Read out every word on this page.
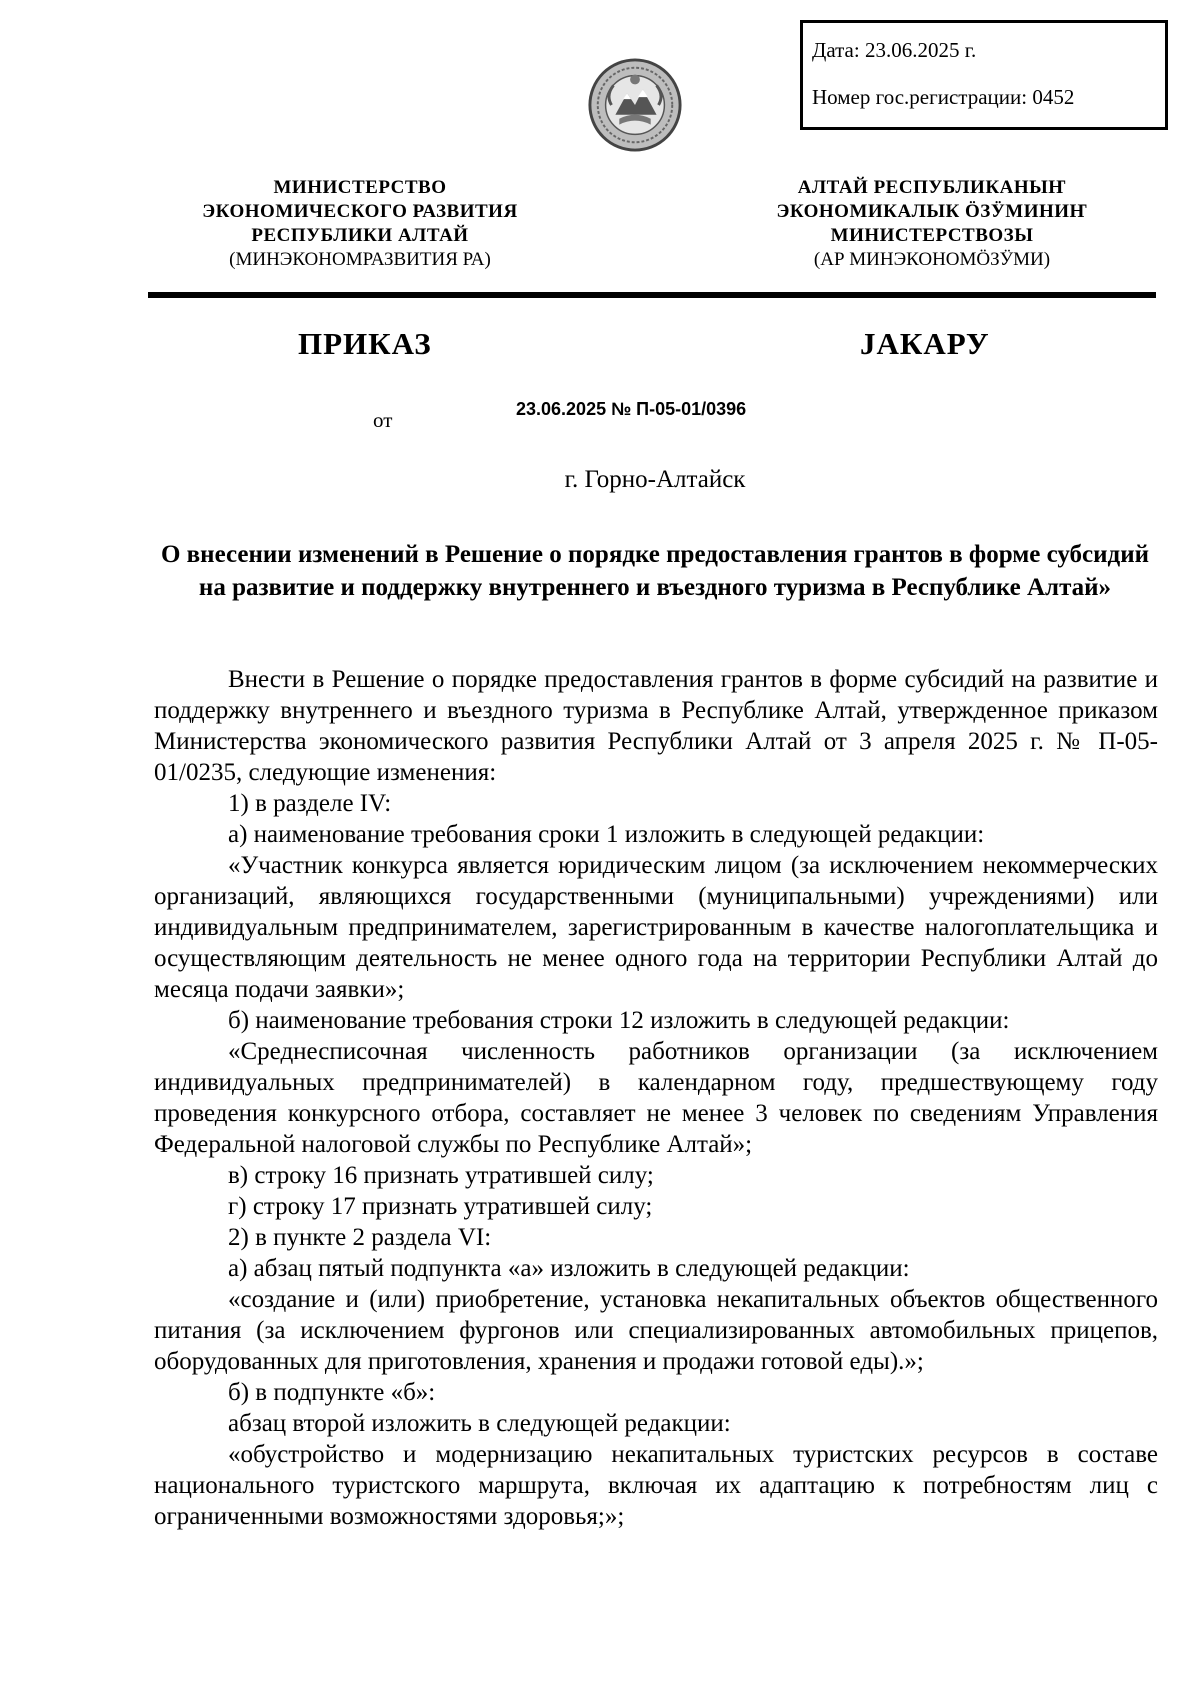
Дата: 23.06.2025 г.
Номер гос.регистрации: 0452
МИНИСТЕРСТВО
ЭКОНОМИЧЕСКОГО РАЗВИТИЯ
РЕСПУБЛИКИ АЛТАЙ
(МИНЭКОНОМРАЗВИТИЯ РА)
АЛТАЙ РЕСПУБЛИКАНЫҤ
ЭКОНОМИКАЛЫК ÖЗӰМИНИҤ
МИНИСТЕРСТВОЗЫ
(АР МИНЭКОНОМÖЗӰМИ)
ПРИКАЗ	ЈАКАРУ
от	23.06.2025 № П-05-01/0396
г. Горно-Алтайск
О внесении изменений в Решение о порядке предоставления грантов в форме субсидий на развитие и поддержку внутреннего и въездного туризма в Республике Алтай»

Внести в Решение о порядке предоставления грантов в форме субсидий на развитие и поддержку внутреннего и въездного туризма в Республике Алтай, утвержденное приказом Министерства экономического развития Республики Алтай от 3 апреля 2025 г. № П-05-01/0235, следующие изменения:

1) в разделе IV:

а) наименование требования сроки 1 изложить в следующей редакции:

«Участник конкурса является юридическим лицом (за исключением некоммерческих организаций, являющихся государственными (муниципальными) учреждениями) или индивидуальным предпринимателем, зарегистрированным в качестве налогоплательщика и осуществляющим деятельность не менее одного года на территории Республики Алтай до месяца подачи заявки»;

б) наименование требования строки 12 изложить в следующей редакции:

«Среднесписочная численность работников организации (за исключением индивидуальных предпринимателей) в календарном году, предшествующему году проведения конкурсного отбора, составляет не менее 3 человек по сведениям Управления Федеральной налоговой службы по Республике Алтай»;

в) строку 16 признать утратившей силу;

г) строку 17 признать утратившей силу;

2) в пункте 2 раздела VI:

а) абзац пятый подпункта «а» изложить в следующей редакции:

«создание и (или) приобретение, установка некапитальных объектов общественного питания (за исключением фургонов или специализированных автомобильных прицепов, оборудованных для приготовления, хранения и продажи готовой еды).»;

б) в подпункте «б»:

абзац второй изложить в следующей редакции:

«обустройство и модернизацию некапитальных туристских ресурсов в составе национального туристского маршрута, включая их адаптацию к потребностям лиц с ограниченными возможностями здоровья;»;
